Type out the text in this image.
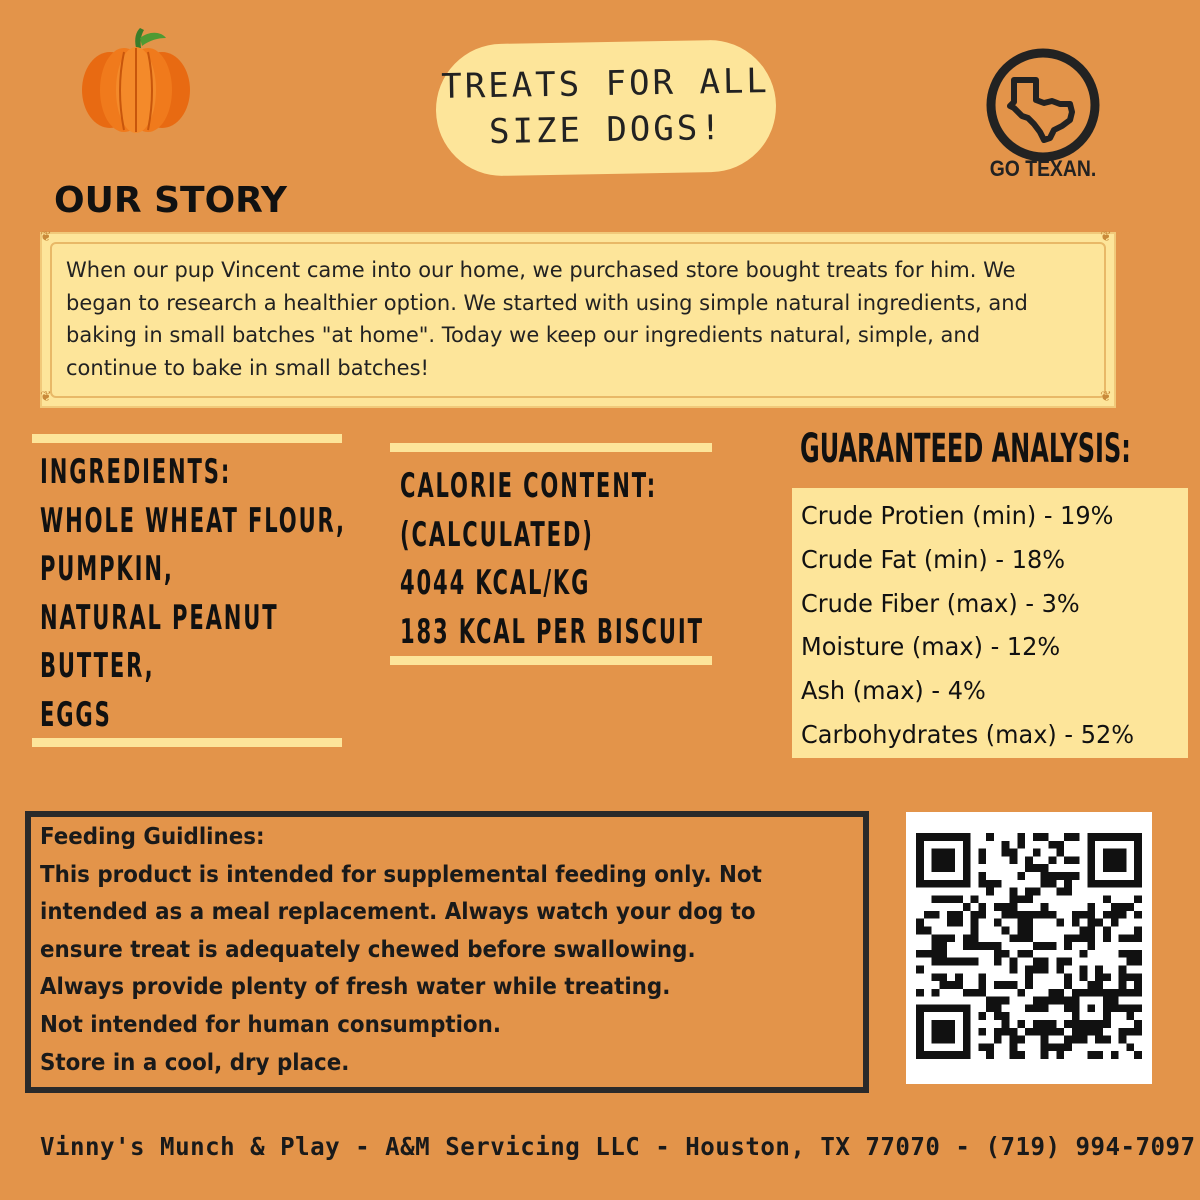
TREATS FOR ALL
SIZE DOGS!
GO TEXAN.
OUR STORY
❦	❦
❦	❦
When our pup Vincent came into our home, we purchased store bought treats for him. We
began to research a healthier option. We started with using simple natural ingredients, and
baking in small batches "at home". Today we keep our ingredients natural, simple, and
continue to bake in small batches!
INGREDIENTS:
WHOLE WHEAT FLOUR,
PUMPKIN,
NATURAL PEANUT
BUTTER,
EGGS
CALORIE CONTENT:
(CALCULATED)
4044 KCAL/KG
183 KCAL PER BISCUIT
GUARANTEED ANALYSIS:
Crude Protien (min) - 19%
Crude Fat (min) - 18%
Crude Fiber (max) - 3%
Moisture (max) - 12%
Ash (max) - 4%
Carbohydrates (max) - 52%
Feeding Guidlines:
This product is intended for supplemental feeding only. Not
intended as a meal replacement. Always watch your dog to
ensure treat is adequately chewed before swallowing.
Always provide plenty of fresh water while treating.
Not intended for human consumption.
Store in a cool, dry place.
Vinny's Munch & Play - A&M Servicing LLC - Houston, TX 77070 - (719) 994-7097
